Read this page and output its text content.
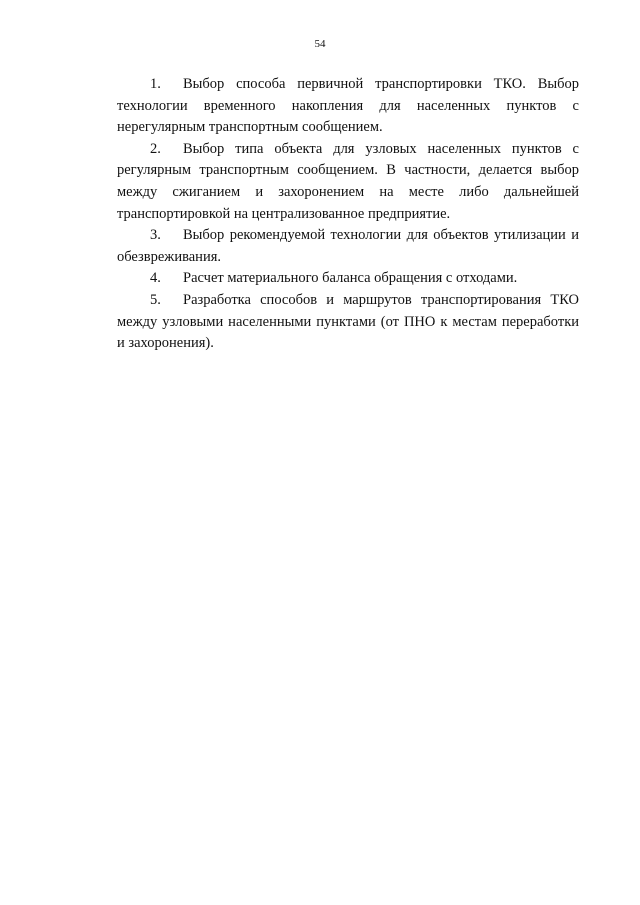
54

1. Выбор способа первичной транспортировки ТКО. Выбор технологии временного накопления для населенных пунктов с нерегулярным транспортным сообщением.

2. Выбор типа объекта для узловых населенных пунктов с регулярным транспортным сообщением. В частности, делается выбор между сжиганием и захоронением на месте либо дальнейшей транспортировкой на централизованное предприятие.

3. Выбор рекомендуемой технологии для объектов утилизации и обезвреживания.

4. Расчет материального баланса обращения с отходами.

5. Разработка способов и маршрутов транспортирования ТКО между узловыми населенными пунктами (от ПНО к местам переработки и захоронения).
